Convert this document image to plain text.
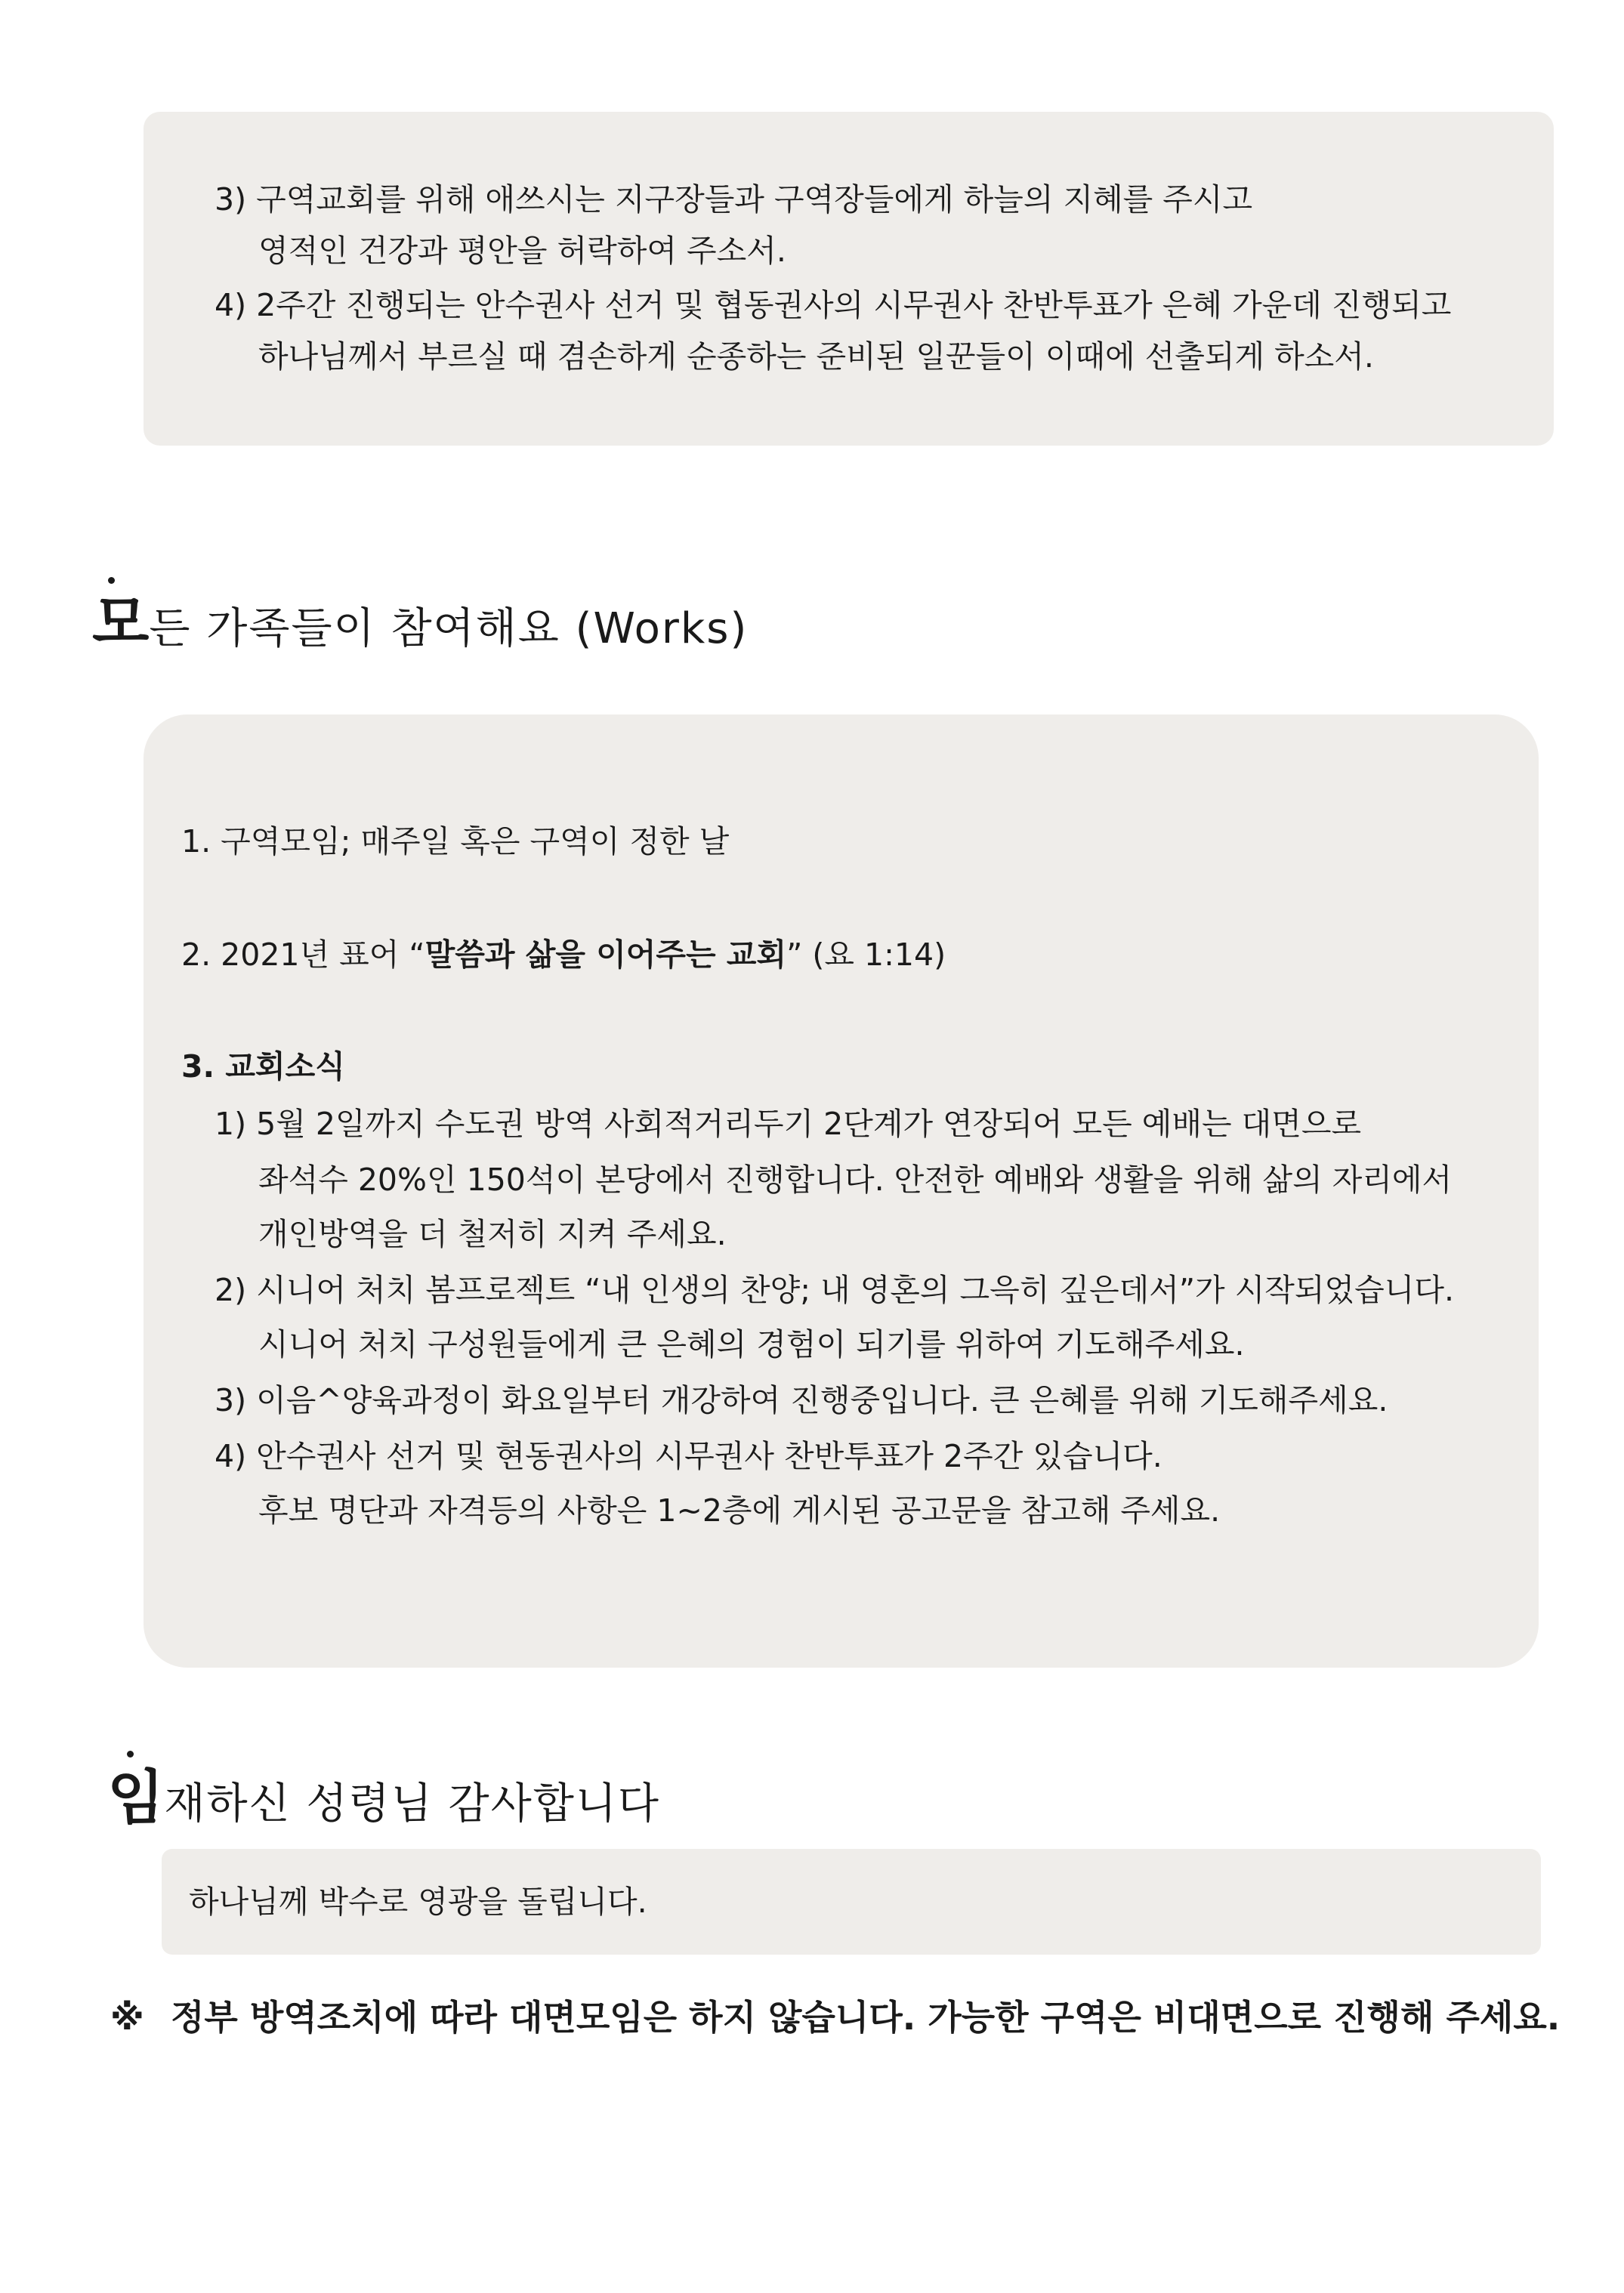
3) 구역교회를 위해 애쓰시는 지구장들과 구역장들에게 하늘의 지혜를 주시고
영적인 건강과 평안을 허락하여 주소서.
4) 2주간 진행되는 안수권사 선거 및 협동권사의 시무권사 찬반투표가 은혜 가운데 진행되고
하나님께서 부르실 때 겸손하게 순종하는 준비된 일꾼들이 이때에 선출되게 하소서.
모든 가족들이 참여해요 (Works)
1. 구역모임; 매주일 혹은 구역이 정한 날
2. 2021년 표어 “말씀과 삶을 이어주는 교회” (요 1:14)
3. 교회소식
1) 5월 2일까지 수도권 방역 사회적거리두기 2단계가 연장되어 모든 예배는 대면으로
좌석수 20%인 150석이 본당에서 진행합니다. 안전한 예배와 생활을 위해 삶의 자리에서
개인방역을 더 철저히 지켜 주세요.
2) 시니어 처치 봄프로젝트 “내 인생의 찬양; 내 영혼의 그윽히 깊은데서”가 시작되었습니다.
시니어 처치 구성원들에게 큰 은혜의 경험이 되기를 위하여 기도해주세요.
3) 이음^양육과정이 화요일부터 개강하여 진행중입니다. 큰 은혜를 위해 기도해주세요.
4) 안수권사 선거 및 현동권사의 시무권사 찬반투표가 2주간 있습니다.
후보 명단과 자격등의 사항은 1~2층에 게시된 공고문을 참고해 주세요.
임재하신 성령님 감사합니다
하나님께 박수로 영광을 돌립니다.
※ 정부 방역조치에 따라 대면모임은 하지 않습니다. 가능한 구역은 비대면으로 진행해 주세요.
